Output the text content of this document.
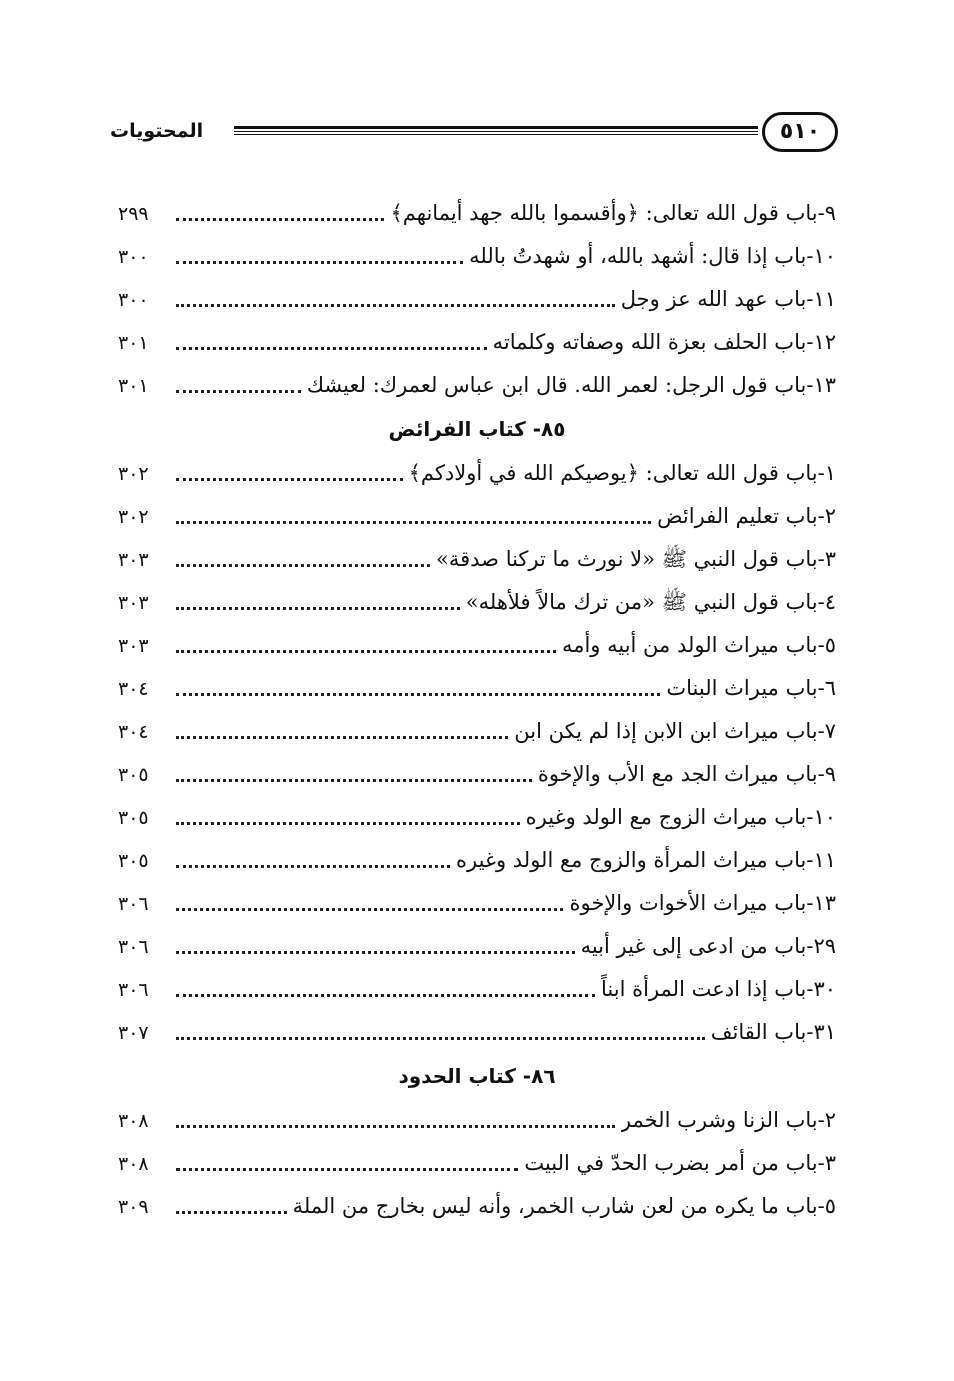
المحتويات	٥١٠
٩-
باب قول الله تعالى: ﴿وأقسموا بالله جهد أيمانهم﴾
٢٩٩
١٠-
باب إذا قال: أشهد بالله، أو شهدتُ بالله
٣٠٠
١١-
باب عهد الله عز وجل
٣٠٠
١٢-
باب الحلف بعزة الله وصفاته وكلماته
٣٠١
١٣-
باب قول الرجل: لعمر الله. قال ابن عباس لعمرك: لعيشك
٣٠١
٨٥- كتاب الفرائض
١-
باب قول الله تعالى: ﴿يوصيكم الله في أولادكم﴾
٣٠٢
٢-
باب تعليم الفرائض
٣٠٢
٣-
باب قول النبي ﷺ «لا نورث ما تركنا صدقة»
٣٠٣
٤-
باب قول النبي ﷺ «من ترك مالاً فلأهله»
٣٠٣
٥-
باب ميراث الولد من أبيه وأمه
٣٠٣
٦-
باب ميراث البنات
٣٠٤
٧-
باب ميراث ابن الابن إذا لم يكن ابن
٣٠٤
٩-
باب ميراث الجد مع الأب والإخوة
٣٠٥
١٠-
باب ميراث الزوج مع الولد وغيره
٣٠٥
١١-
باب ميراث المرأة والزوج مع الولد وغيره
٣٠٥
١٣-
باب ميراث الأخوات والإخوة
٣٠٦
٢٩-
باب من ادعى إلى غير أبيه
٣٠٦
٣٠-
باب إذا ادعت المرأة ابناً
٣٠٦
٣١-
باب القائف
٣٠٧
٨٦- كتاب الحدود
٢-
باب الزنا وشرب الخمر
٣٠٨
٣-
باب من أمر بضرب الحدّ في البيت
٣٠٨
٥-
باب ما يكره من لعن شارب الخمر، وأنه ليس بخارج من الملة
٣٠٩
